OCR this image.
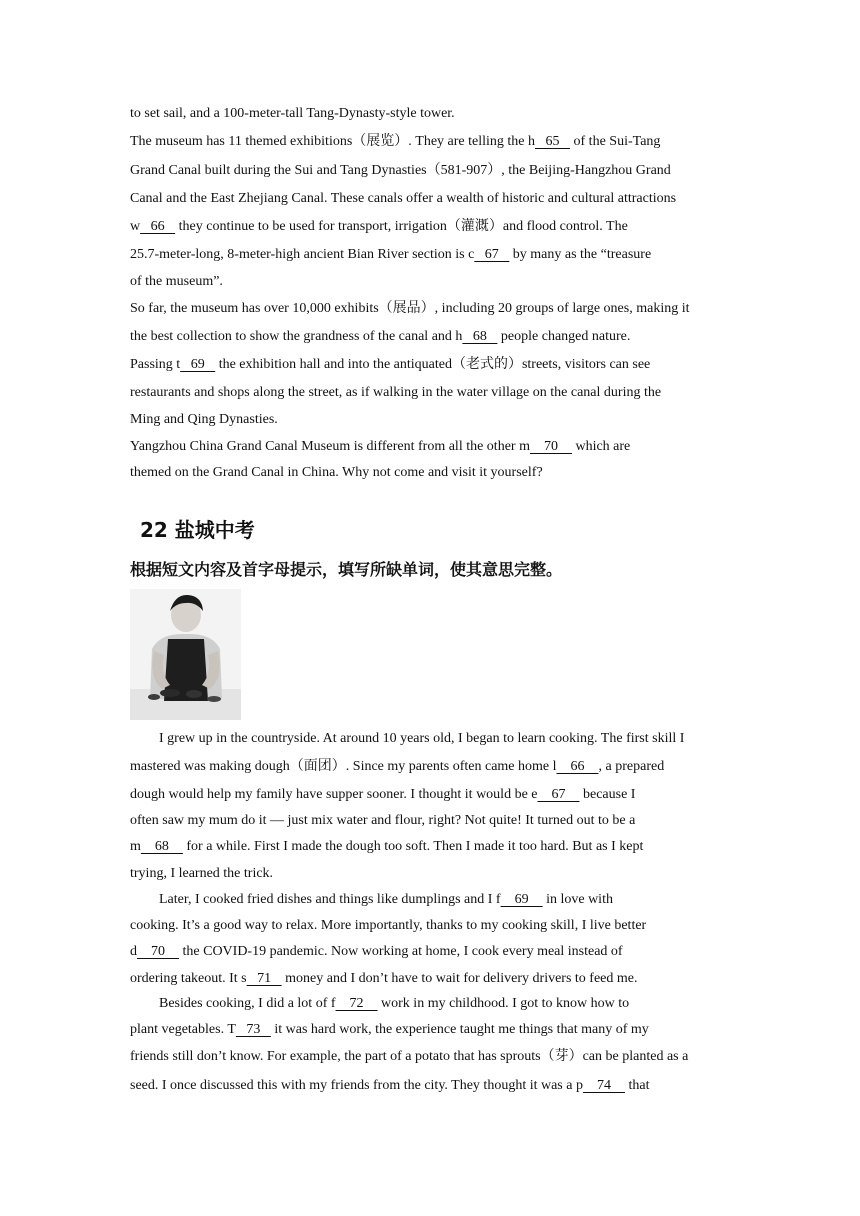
to set sail, and a 100-meter-tall Tang-Dynasty-style tower.
The museum has 11 themed exhibitions（展览）. They are telling the h   65    of the Sui-Tang
Grand Canal built during the Sui and Tang Dynasties（581-907）, the Beijing-Hangzhou Grand
Canal and the East Zhejiang Canal. These canals offer a wealth of historic and cultural attractions
w   66    they continue to be used for transport, irrigation（灌溉）and flood control. The
25.7-meter-long, 8-meter-high ancient Bian River section is c   67    by many as the “treasure
of the museum”.
So far, the museum has over 10,000 exhibits（展品）, including 20 groups of large ones, making it
the best collection to show the grandness of the canal and h   68    people changed nature.
Passing t   69    the exhibition hall and into the antiquated（老式的）streets, visitors can see
restaurants and shops along the street, as if walking in the water village on the canal during the
Ming and Qing Dynasties.
Yangzhou China Grand Canal Museum is different from all the other m    70     which are
themed on the Grand Canal in China. Why not come and visit it yourself?
22 盐城中考
根据短文内容及首字母提示，填写所缺单词，使其意思完整。
I grew up in the countryside. At around 10 years old, I began to learn cooking. The first skill I
mastered was making dough（面团）. Since my parents often came home l    66    , a prepared
dough would help my family have supper sooner. I thought it would be e    67     because I
often saw my mum do it — just mix water and flour, right? Not quite! It turned out to be a
m    68     for a while. First I made the dough too soft. Then I made it too hard. But as I kept
trying, I learned the trick.
Later, I cooked fried dishes and things like dumplings and I f    69     in love with
cooking. It’s a good way to relax. More importantly, thanks to my cooking skill, I live better
d    70     the COVID-19 pandemic. Now working at home, I cook every meal instead of
ordering takeout. It s   71    money and I don’t have to wait for delivery drivers to feed me.
Besides cooking, I did a lot of f    72     work in my childhood. I got to know how to
plant vegetables. T   73    it was hard work, the experience taught me things that many of my
friends still don’t know. For example, the part of a potato that has sprouts（芽）can be planted as a
seed. I once discussed this with my friends from the city. They thought it was a p    74     that
